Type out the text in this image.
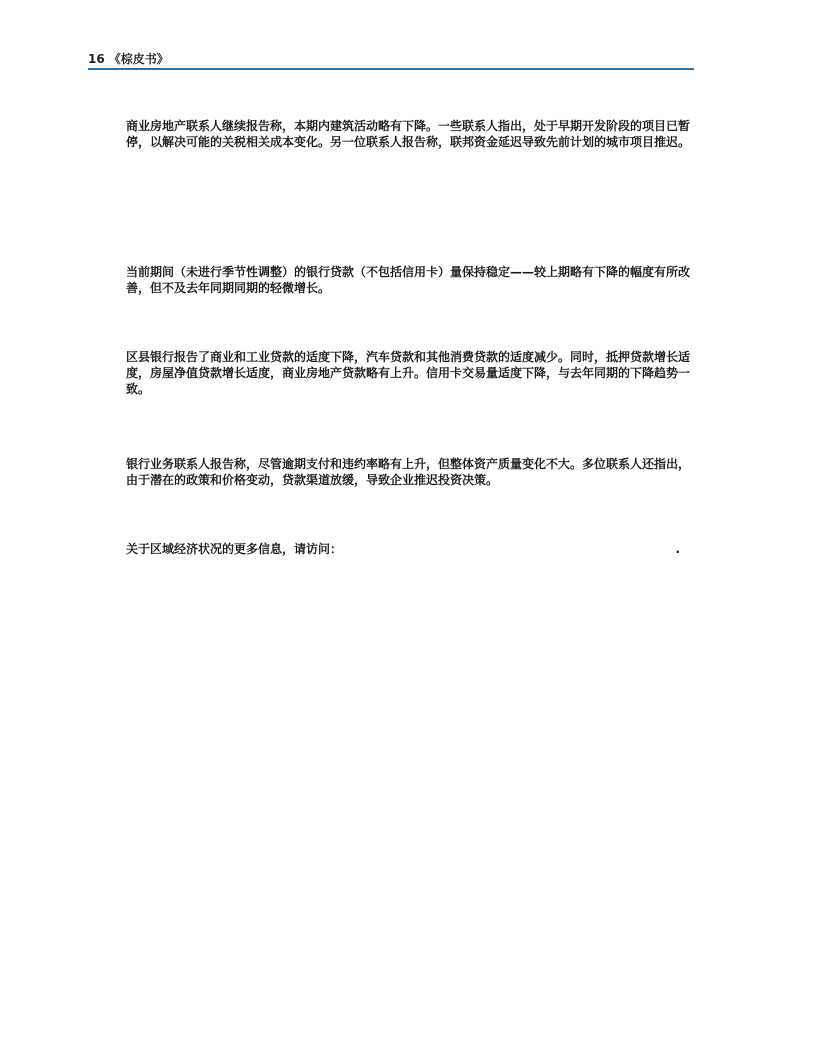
16 《棕皮书》

商业房地产联系人继续报告称，本期内建筑活动略有下降。一些联系人指出，处于早期开发阶段的项目已暂停，以解决可能的关税相关成本变化。另一位联系人报告称，联邦资金延迟导致先前计划的城市项目推迟。

当前期间（未进行季节性调整）的银行贷款（不包括信用卡）量保持稳定——较上期略有下降的幅度有所改善，但不及去年同期同期的轻微增长。

区县银行报告了商业和工业贷款的适度下降，汽车贷款和其他消费贷款的适度减少。同时，抵押贷款增长适度，房屋净值贷款增长适度，商业房地产贷款略有上升。信用卡交易量适度下降，与去年同期的下降趋势一致。

银行业务联系人报告称，尽管逾期支付和违约率略有上升，但整体资产质量变化不大。多位联系人还指出，由于潜在的政策和价格变动，贷款渠道放缓，导致企业推迟投资决策。

关于区域经济状况的更多信息，请访问：	.
